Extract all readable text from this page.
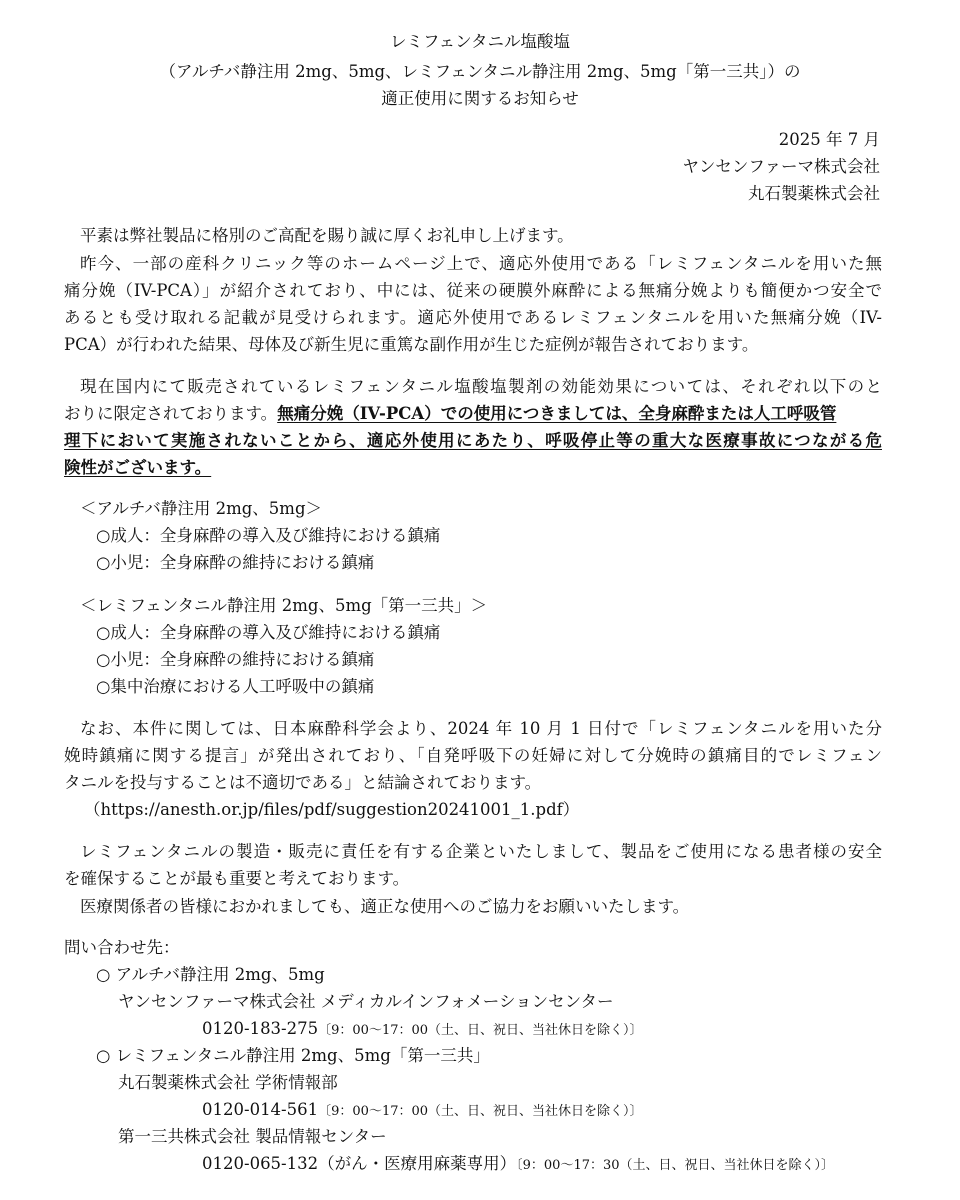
レミフェンタニル塩酸塩

（アルチバ静注用 2mg、5mg、レミフェンタニル静注用 2mg、5mg「第一三共」）の

適正使用に関するお知らせ

2025 年 7 月

ヤンセンファーマ株式会社

丸石製薬株式会社

平素は弊社製品に格別のご高配を賜り誠に厚くお礼申し上げます。

昨今、一部の産科クリニック等のホームページ上で、適応外使用である「レミフェンタニルを用いた無

痛分娩（IV-PCA）」が紹介されており、中には、従来の硬膜外麻酔による無痛分娩よりも簡便かつ安全で

あるとも受け取れる記載が見受けられます。適応外使用であるレミフェンタニルを用いた無痛分娩（IV-

PCA）が行われた結果、母体及び新生児に重篤な副作用が生じた症例が報告されております。

現在国内にて販売されているレミフェンタニル塩酸塩製剤の効能効果については、それぞれ以下のと

おりに限定されております。無痛分娩（IV-PCA）での使用につきましては、全身麻酔または人工呼吸管

理下において実施されないことから、適応外使用にあたり、呼吸停止等の重大な医療事故につながる危

険性がございます。

＜アルチバ静注用 2mg、5mg＞

○成人：全身麻酔の導入及び維持における鎮痛

○小児：全身麻酔の維持における鎮痛

＜レミフェンタニル静注用 2mg、5mg「第一三共」＞

○成人：全身麻酔の導入及び維持における鎮痛

○小児：全身麻酔の維持における鎮痛

○集中治療における人工呼吸中の鎮痛

なお、本件に関しては、日本麻酔科学会より、2024 年 10 月 1 日付で「レミフェンタニルを用いた分

娩時鎮痛に関する提言」が発出されており、「自発呼吸下の妊婦に対して分娩時の鎮痛目的でレミフェン

タニルを投与することは不適切である」と結論されております。

（https://anesth.or.jp/files/pdf/suggestion20241001_1.pdf）

レミフェンタニルの製造・販売に責任を有する企業といたしまして、製品をご使用になる患者様の安全

を確保することが最も重要と考えております。

医療関係者の皆様におかれましても、適正な使用へのご協力をお願いいたします。

問い合わせ先：

○ アルチバ静注用 2mg、5mg

ヤンセンファーマ株式会社 メディカルインフォメーションセンター

0120-183-275〔9：00～17：00（土、日、祝日、当社休日を除く）〕

○ レミフェンタニル静注用 2mg、5mg「第一三共」

丸石製薬株式会社 学術情報部

0120-014-561〔9：00～17：00（土、日、祝日、当社休日を除く）〕

第一三共株式会社 製品情報センター

0120-065-132（がん・医療用麻薬専用）〔9：00～17：30（土、日、祝日、当社休日を除く）〕
